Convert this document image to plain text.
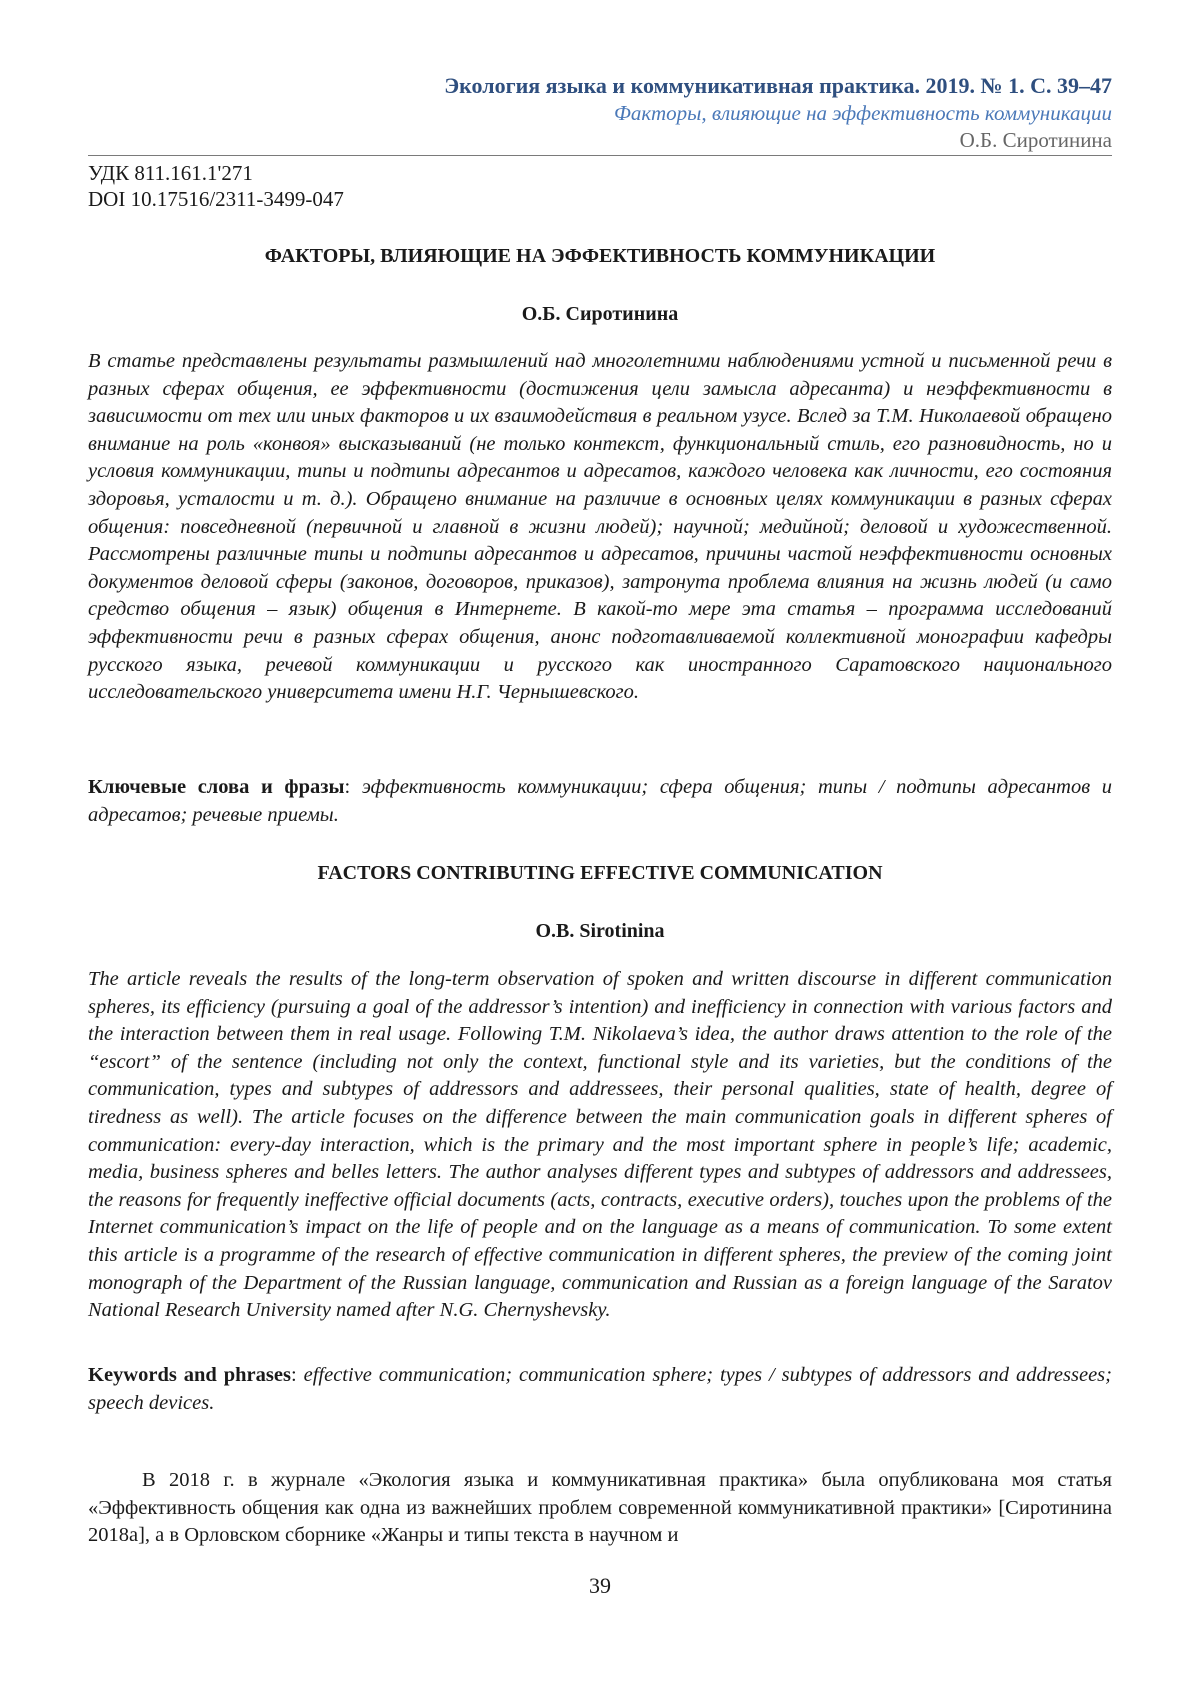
Экология языка и коммуникативная практика. 2019. № 1. С. 39–47
Факторы, влияющие на эффективность коммуникации
О.Б. Сиротинина
УДК 811.161.1'271
DOI 10.17516/2311-3499-047
ФАКТОРЫ, ВЛИЯЮЩИЕ НА ЭФФЕКТИВНОСТЬ КОММУНИКАЦИИ
О.Б. Сиротинина

В статье представлены результаты размышлений над многолетними наблюдениями устной и письменной речи в разных сферах общения, ее эффективности (достижения цели замысла адресанта) и неэффективности в зависимости от тех или иных факторов и их взаимодействия в реальном узусе. Вслед за Т.М. Николаевой обращено внимание на роль «конвоя» высказываний (не только контекст, функциональный стиль, его разновидность, но и условия коммуникации, типы и подтипы адресантов и адресатов, каждого человека как личности, его состояния здоровья, усталости и т. д.). Обращено внимание на различие в основных целях коммуникации в разных сферах общения: повседневной (первичной и главной в жизни людей); научной; медийной; деловой и художественной. Рассмотрены различные типы и подтипы адресантов и адресатов, причины частой неэффективности основных документов деловой сферы (законов, договоров, приказов), затронута проблема влияния на жизнь людей (и само средство общения – язык) общения в Интернете. В какой-то мере эта статья – программа исследований эффективности речи в разных сферах общения, анонс подготавливаемой коллективной монографии кафедры русского языка, речевой коммуникации и русского как иностранного Саратовского национального исследовательского университета имени Н.Г. Чернышевского.

Ключевые слова и фразы: эффективность коммуникации; сфера общения; типы / подтипы адресантов и адресатов; речевые приемы.

FACTORS CONTRIBUTING EFFECTIVE COMMUNICATION
O.B. Sirotinina

The article reveals the results of the long-term observation of spoken and written discourse in different communication spheres, its efficiency (pursuing a goal of the addressor’s intention) and inefficiency in connection with various factors and the interaction between them in real usage. Following T.M. Nikolaeva’s idea, the author draws attention to the role of the “escort” of the sentence (including not only the context, functional style and its varieties, but the conditions of the communication, types and subtypes of addressors and addressees, their personal qualities, state of health, degree of tiredness as well). The article focuses on the difference between the main communication goals in different spheres of communication: every-day interaction, which is the primary and the most important sphere in people’s life; academic, media, business spheres and belles letters. The author analyses different types and subtypes of addressors and addressees, the reasons for frequently ineffective official documents (acts, contracts, executive orders), touches upon the problems of the Internet communication’s impact on the life of people and on the language as a means of communication. To some extent this article is a programme of the research of effective communication in different spheres, the preview of the coming joint monograph of the Department of the Russian language, communication and Russian as a foreign language of the Saratov National Research University named after N.G. Chernyshevsky.

Keywords and phrases: effective communication; communication sphere; types / subtypes of addressors and addressees; speech devices.

В 2018 г. в журнале «Экология языка и коммуникативная практика» была опубликована моя статья «Эффективность общения как одна из важнейших проблем современной коммуникативной практики» [Сиротинина 2018а], а в Орловском сборнике «Жанры и типы текста в научном и

39
